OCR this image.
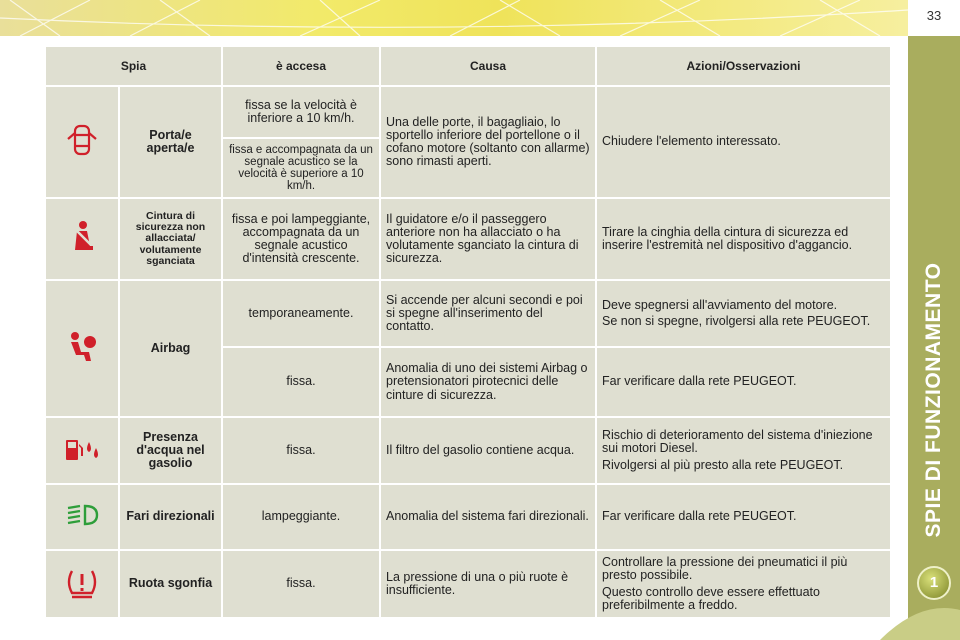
33
SPIE DI FUNZIONAMENTO
1
Spia		è accesa	Causa	Azioni/Osservazioni
	Porta/e aperta/e	fissa se la velocità è inferiore a 10 km/h.	Una delle porte, il bagagliaio, lo sportello inferiore del portellone o il cofano motore (soltanto con allarme) sono rimasti aperti.	Chiudere l'elemento interessato.
		fissa e accompagnata da un segnale acustico se la velocità è superiore a 10 km/h.		
	Cintura di sicurezza non allacciata/ volutamente sganciata	fissa e poi lampeggiante, accompagnata da un segnale acustico d'intensità crescente.	Il guidatore e/o il passeggero anteriore non ha allacciato o ha volutamente sganciato la cintura di sicurezza.	Tirare la cinghia della cintura di sicurezza ed inserire l'estremità nel dispositivo d'aggancio.
	Airbag	temporaneamente.	Si accende per alcuni secondi e poi si spegne all'inserimento del contatto.	Deve spegnersi all'avviamento del motore.

Se non si spegne, rivolgersi alla rete PEUGEOT.

		fissa.	Anomalia di uno dei sistemi Airbag o pretensionatori pirotecnici delle cinture di sicurezza.	Far verificare dalla rete PEUGEOT.
	Presenza d'acqua nel gasolio	fissa.	Il filtro del gasolio contiene acqua.	Rischio di deterioramento del sistema d'iniezione sui motori Diesel.

Rivolgersi al più presto alla rete PEUGEOT.

	Fari direzionali	lampeggiante.	Anomalia del sistema fari direzionali.	Far verificare dalla rete PEUGEOT.
	Ruota sgonfia	fissa.	La pressione di una o più ruote è insufficiente.	Controllare la pressione dei pneumatici il più presto possibile.

Questo controllo deve essere effettuato preferibilmente a freddo.
